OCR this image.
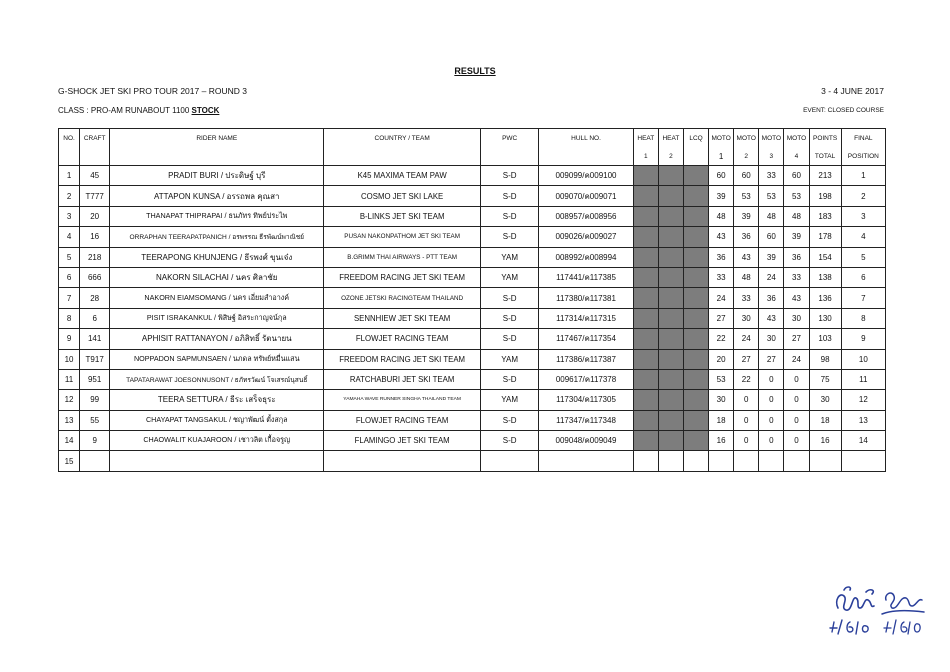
RESULTS
G-SHOCK JET SKI PRO TOUR 2017 – ROUND 3	3 - 4 JUNE 2017
CLASS : PRO-AM RUNABOUT 1100 STOCK	EVENT: CLOSED COURSE
NO.	CRAFT	RIDER NAME	COUNTRY / TEAM	PWC	HULL NO.	HEAT	HEAT	LCQ	MOTO	MOTO	MOTO	MOTO	POINTS	FINAL
						1	2		1	2	3	4	TOTAL	POSITION
1	45	PRADIT BURI / ประดิษฐ์ บุรี	K45 MAXIMA TEAM PAW	S-D	009099/ค009100				60	60	33	60	213	1
2	T777	ATTAPON KUNSA / อรรถพล คุณสา	COSMO JET SKI LAKE	S-D	009070/ค009071				39	53	53	53	198	2
3	20	THANAPAT THIPRAPAI / ธนภัทร ทิพย์ประไพ	B-LINKS JET SKI TEAM	S-D	008957/ค008956				48	39	48	48	183	3
4	16	ORRAPHAN TEERAPATPANICH / อรพรรณ ธีรพัฒน์พาณิชย์	PUSAN NAKONPATHOM JET SKI TEAM	S-D	009026/ค009027				43	36	60	39	178	4
5	218	TEERAPONG KHUNJENG / ธีรพงศ์ ขุนเจ๋ง	B.GRIMM THAI AIRWAYS - PTT TEAM	YAM	008992/ค008994				36	43	39	36	154	5
6	666	NAKORN SILACHAI / นคร ศิลาชัย	FREEDOM RACING JET SKI TEAM	YAM	117441/ค117385				33	48	24	33	138	6
7	28	NAKORN EIAMSOMANG / นคร เอี่ยมสำอางค์	OZONE JETSKI RACINGTEAM THAILAND	S-D	117380/ค117381				24	33	36	43	136	7
8	6	PISIT ISRAKANKUL / พิสิษฐ์ อิสระกาญจน์กุล	SENNHIEW JET SKI TEAM	S-D	117314/ค117315				27	30	43	30	130	8
9	141	APHISIT RATTANAYON / อภิสิทธิ์ รัตนายน	FLOWJET RACING TEAM	S-D	117467/ค117354				22	24	30	27	103	9
10	T917	NOPPADON SAPMUNSAEN / นภดล ทรัพย์หมื่นแสน	FREEDOM RACING JET SKI TEAM	YAM	117386/ค117387				20	27	27	24	98	10
11	951	TAPATARAWAT JOESONNUSONT / ธภัทรวัฒน์ โจเสรณ์นุสนธิ์	RATCHABURI JET SKI TEAM	S-D	009617/ค117378				53	22	0	0	75	11
12	99	TEERA SETTURA / ธีระ เสร็จธุระ	YAMAHA WAVE RUNNER SINGHA THAILAND TEAM	YAM	117304/ค117305				30	0	0	0	30	12
13	55	CHAYAPAT TANGSAKUL / ชญาพัฒน์ ตั้งสกุล	FLOWJET RACING TEAM	S-D	117347/ค117348				18	0	0	0	18	13
14	9	CHAOWALIT KUAJAROON / เชาวลิต เกื้อจรูญ	FLAMINGO JET SKI TEAM	S-D	009048/ค009049				16	0	0	0	16	14
15														
